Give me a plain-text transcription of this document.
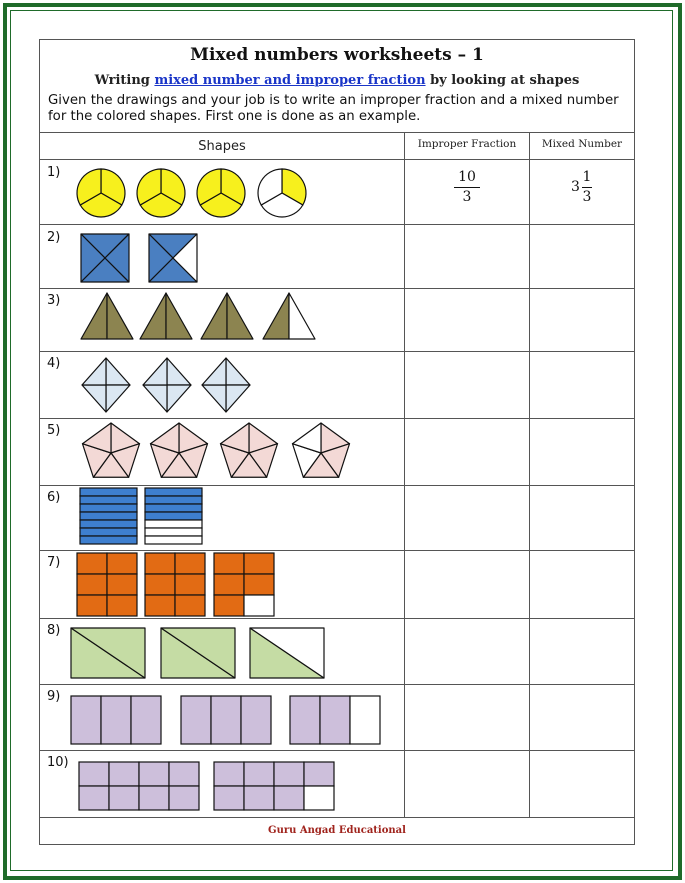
Mixed numbers worksheets – 1
Writing mixed number and improper fraction by looking at shapes
Given the drawings and your job is to write an improper fraction and a mixed number for the colored shapes. First one is done as an example.
Shapes	Improper Fraction	Mixed Number
1)
2)
3)
4)
5)
6)
7)
8)
9)
10)
10
3
3
1
3
Guru Angad Educational
